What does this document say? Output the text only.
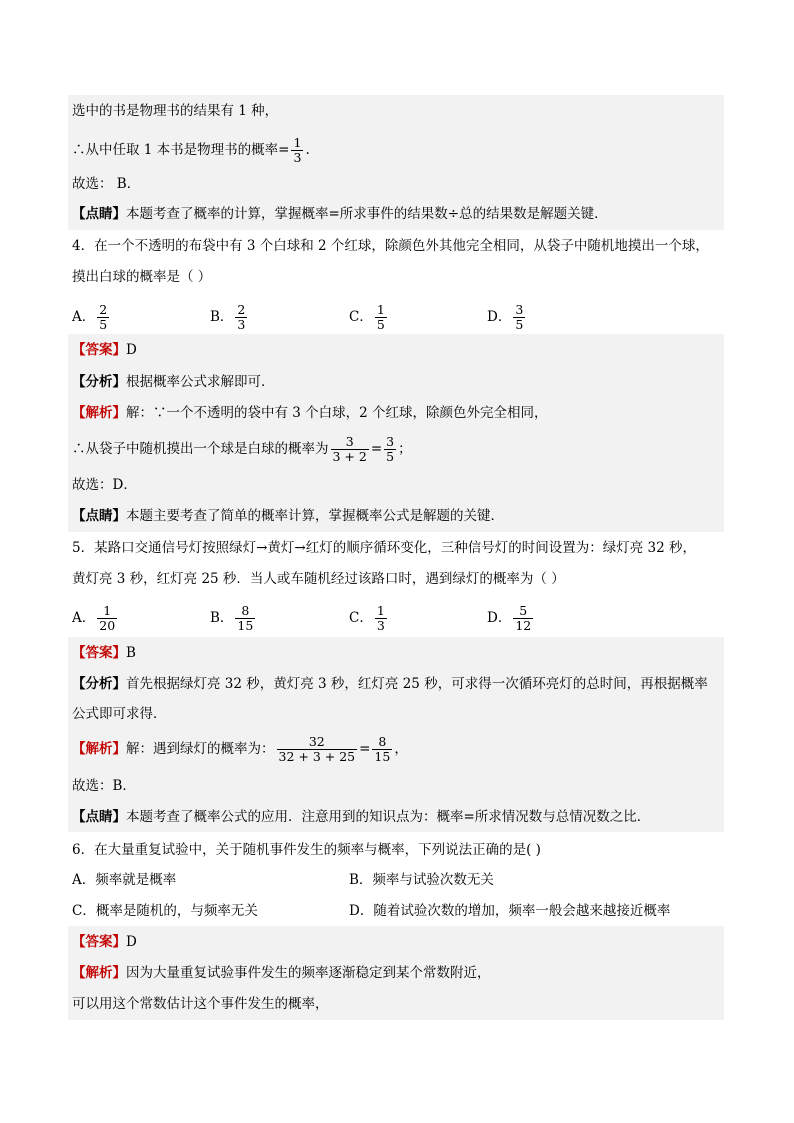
选中的书是物理书的结果有 1 种，
∴从中任取 1 本书是物理书的概率= $\frac{1}{3}$ .
故选： B．
【点睛】本题考查了概率的计算，掌握概率=所求事件的结果数÷总的结果数是解题关键．
4．在一个不透明的布袋中有 3 个白球和 2 个红球，除颜色外其他完全相同，从袋子中随机地摸出一个球，
摸出白球的概率是（ ）
A． $\frac{2}{5}$	B． $\frac{2}{3}$	C． $\frac{1}{5}$	D． $\frac{3}{5}$
【答案】D
【分析】根据概率公式求解即可．
【解析】解：∵一个不透明的袋中有 3 个白球，2 个红球，除颜色外完全相同，
∴从袋子中随机摸出一个球是白球的概率为 $\frac{3}{3 + 2} = \frac{3}{5}$ ；
故选：D．
【点睛】本题主要考查了简单的概率计算，掌握概率公式是解题的关键．
5．某路口交通信号灯按照绿灯→黄灯→红灯的顺序循环变化，三种信号灯的时间设置为：绿灯亮 32 秒，
黄灯亮 3 秒，红灯亮 25 秒．当人或车随机经过该路口时，遇到绿灯的概率为（ ）
A． $\frac{1}{20}$	B． $\frac{8}{15}$	C． $\frac{1}{3}$	D． $\frac{5}{12}$
【答案】B
【分析】首先根据绿灯亮 32 秒，黄灯亮 3 秒，红灯亮 25 秒，可求得一次循环亮灯的总时间，再根据概率
公式即可求得．
【解析】解：遇到绿灯的概率为： $\frac{32}{32 + 3 + 25} = \frac{8}{15}$ ，
故选：B．
【点睛】本题考查了概率公式的应用．注意用到的知识点为：概率=所求情况数与总情况数之比．
6．在大量重复试验中，关于随机事件发生的频率与概率，下列说法正确的是( )
A．频率就是概率	B．频率与试验次数无关
C．概率是随机的，与频率无关	D．随着试验次数的增加，频率一般会越来越接近概率
【答案】D
【解析】因为大量重复试验事件发生的频率逐渐稳定到某个常数附近，
可以用这个常数估计这个事件发生的概率，
